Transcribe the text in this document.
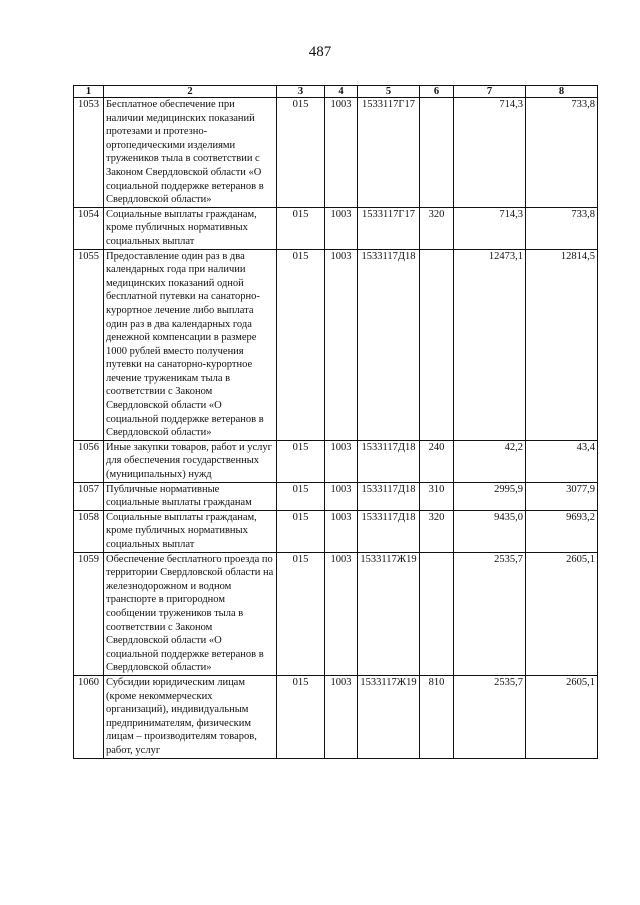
487
1	2	3	4	5	6	7	8
1053	Бесплатное обеспечение при наличии медицинских показаний протезами и протезно-ортопедическими изделиями тружеников тыла в соответствии с Законом Свердловской области «О социальной поддержке ветеранов в Свердловской области»	015	1003	1533117Г17		714,3	733,8
1054	Социальные выплаты гражданам, кроме публичных нормативных социальных выплат	015	1003	1533117Г17	320	714,3	733,8
1055	Предоставление один раз в два календарных года при наличии медицинских показаний одной бесплатной путевки на санаторно-курортное лечение либо выплата один раз в два календарных года денежной компенсации в размере 1000 рублей вместо получения путевки на санаторно-курортное лечение труженикам тыла в соответствии с Законом Свердловской области «О социальной поддержке ветеранов в Свердловской области»	015	1003	1533117Д18		12473,1	12814,5
1056	Иные закупки товаров, работ и услуг для обеспечения государственных (муниципальных) нужд	015	1003	1533117Д18	240	42,2	43,4
1057	Публичные нормативные социальные выплаты гражданам	015	1003	1533117Д18	310	2995,9	3077,9
1058	Социальные выплаты гражданам, кроме публичных нормативных социальных выплат	015	1003	1533117Д18	320	9435,0	9693,2
1059	Обеспечение бесплатного проезда по территории Свердловской области на железнодорожном и водном транспорте в пригородном сообщении тружеников тыла в соответствии с Законом Свердловской области «О социальной поддержке ветеранов в Свердловской области»	015	1003	1533117Ж19		2535,7	2605,1
1060	Субсидии юридическим лицам (кроме некоммерческих организаций), индивидуальным предпринимателям, физическим лицам – производителям товаров, работ, услуг	015	1003	1533117Ж19	810	2535,7	2605,1
